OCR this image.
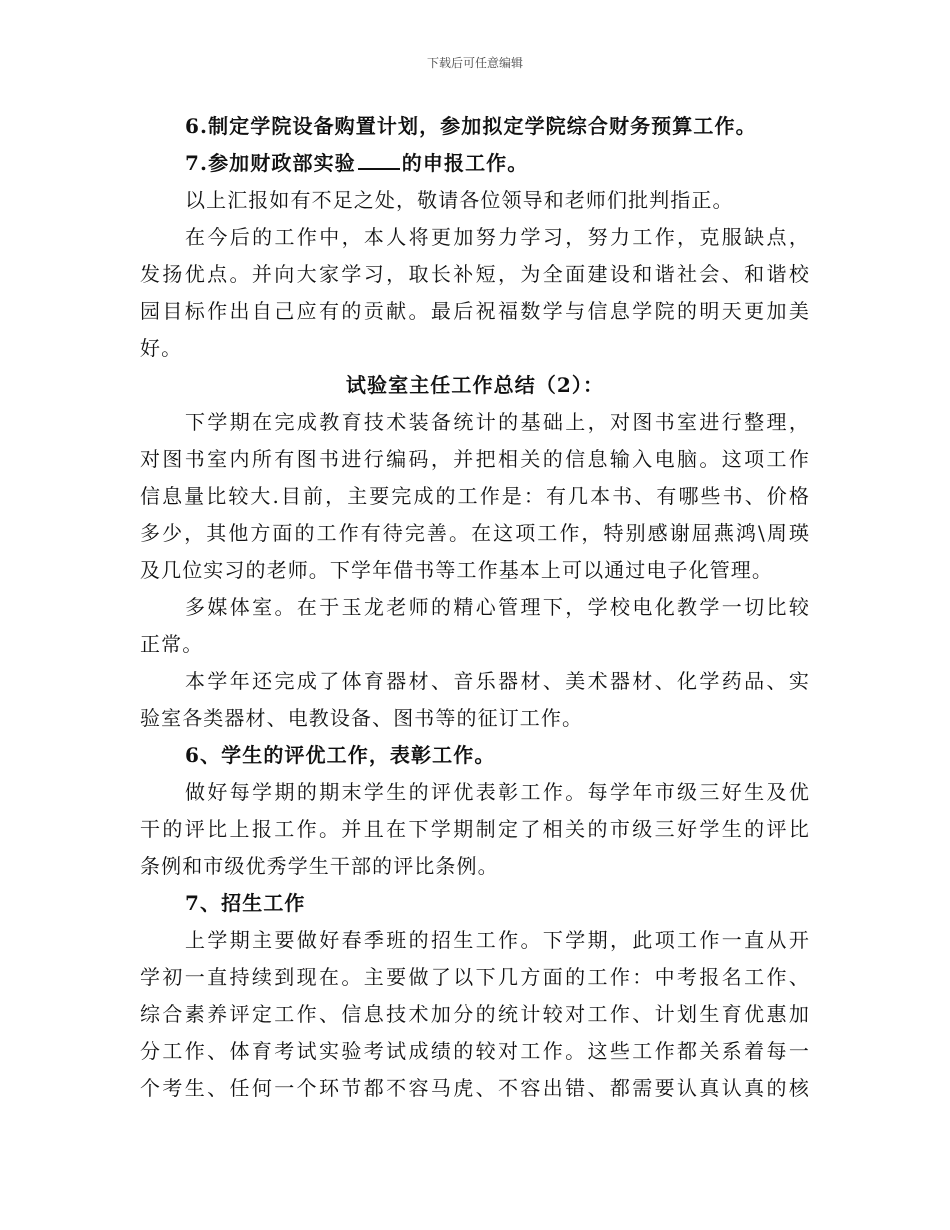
下载后可任意编辑
6.制定学院设备购置计划，参加拟定学院综合财务预算工作。
7.参加财政部实验 的申报工作。
以上汇报如有不足之处，敬请各位领导和老师们批判指正。
在今后的工作中，本人将更加努力学习，努力工作，克服缺点，
发扬优点。并向大家学习，取长补短，为全面建设和谐社会、和谐校
园目标作出自己应有的贡献。最后祝福数学与信息学院的明天更加美
好。
试验室主任工作总结（2）：
下学期在完成教育技术装备统计的基础上，对图书室进行整理，
对图书室内所有图书进行编码，并把相关的信息输入电脑。这项工作
信息量比较大.目前，主要完成的工作是：有几本书、有哪些书、价格
多少，其他方面的工作有待完善。在这项工作，特别感谢屈燕鸿\周瑛
及几位实习的老师。下学年借书等工作基本上可以通过电子化管理。
多媒体室。在于玉龙老师的精心管理下，学校电化教学一切比较
正常。
本学年还完成了体育器材、音乐器材、美术器材、化学药品、实
验室各类器材、电教设备、图书等的征订工作。
6、学生的评优工作，表彰工作。
做好每学期的期末学生的评优表彰工作。每学年市级三好生及优
干的评比上报工作。并且在下学期制定了相关的市级三好学生的评比
条例和市级优秀学生干部的评比条例。
7、招生工作
上学期主要做好春季班的招生工作。下学期，此项工作一直从开
学初一直持续到现在。主要做了以下几方面的工作：中考报名工作、
综合素养评定工作、信息技术加分的统计较对工作、计划生育优惠加
分工作、体育考试实验考试成绩的较对工作。这些工作都关系着每一
个考生、任何一个环节都不容马虎、不容出错、都需要认真认真的核
